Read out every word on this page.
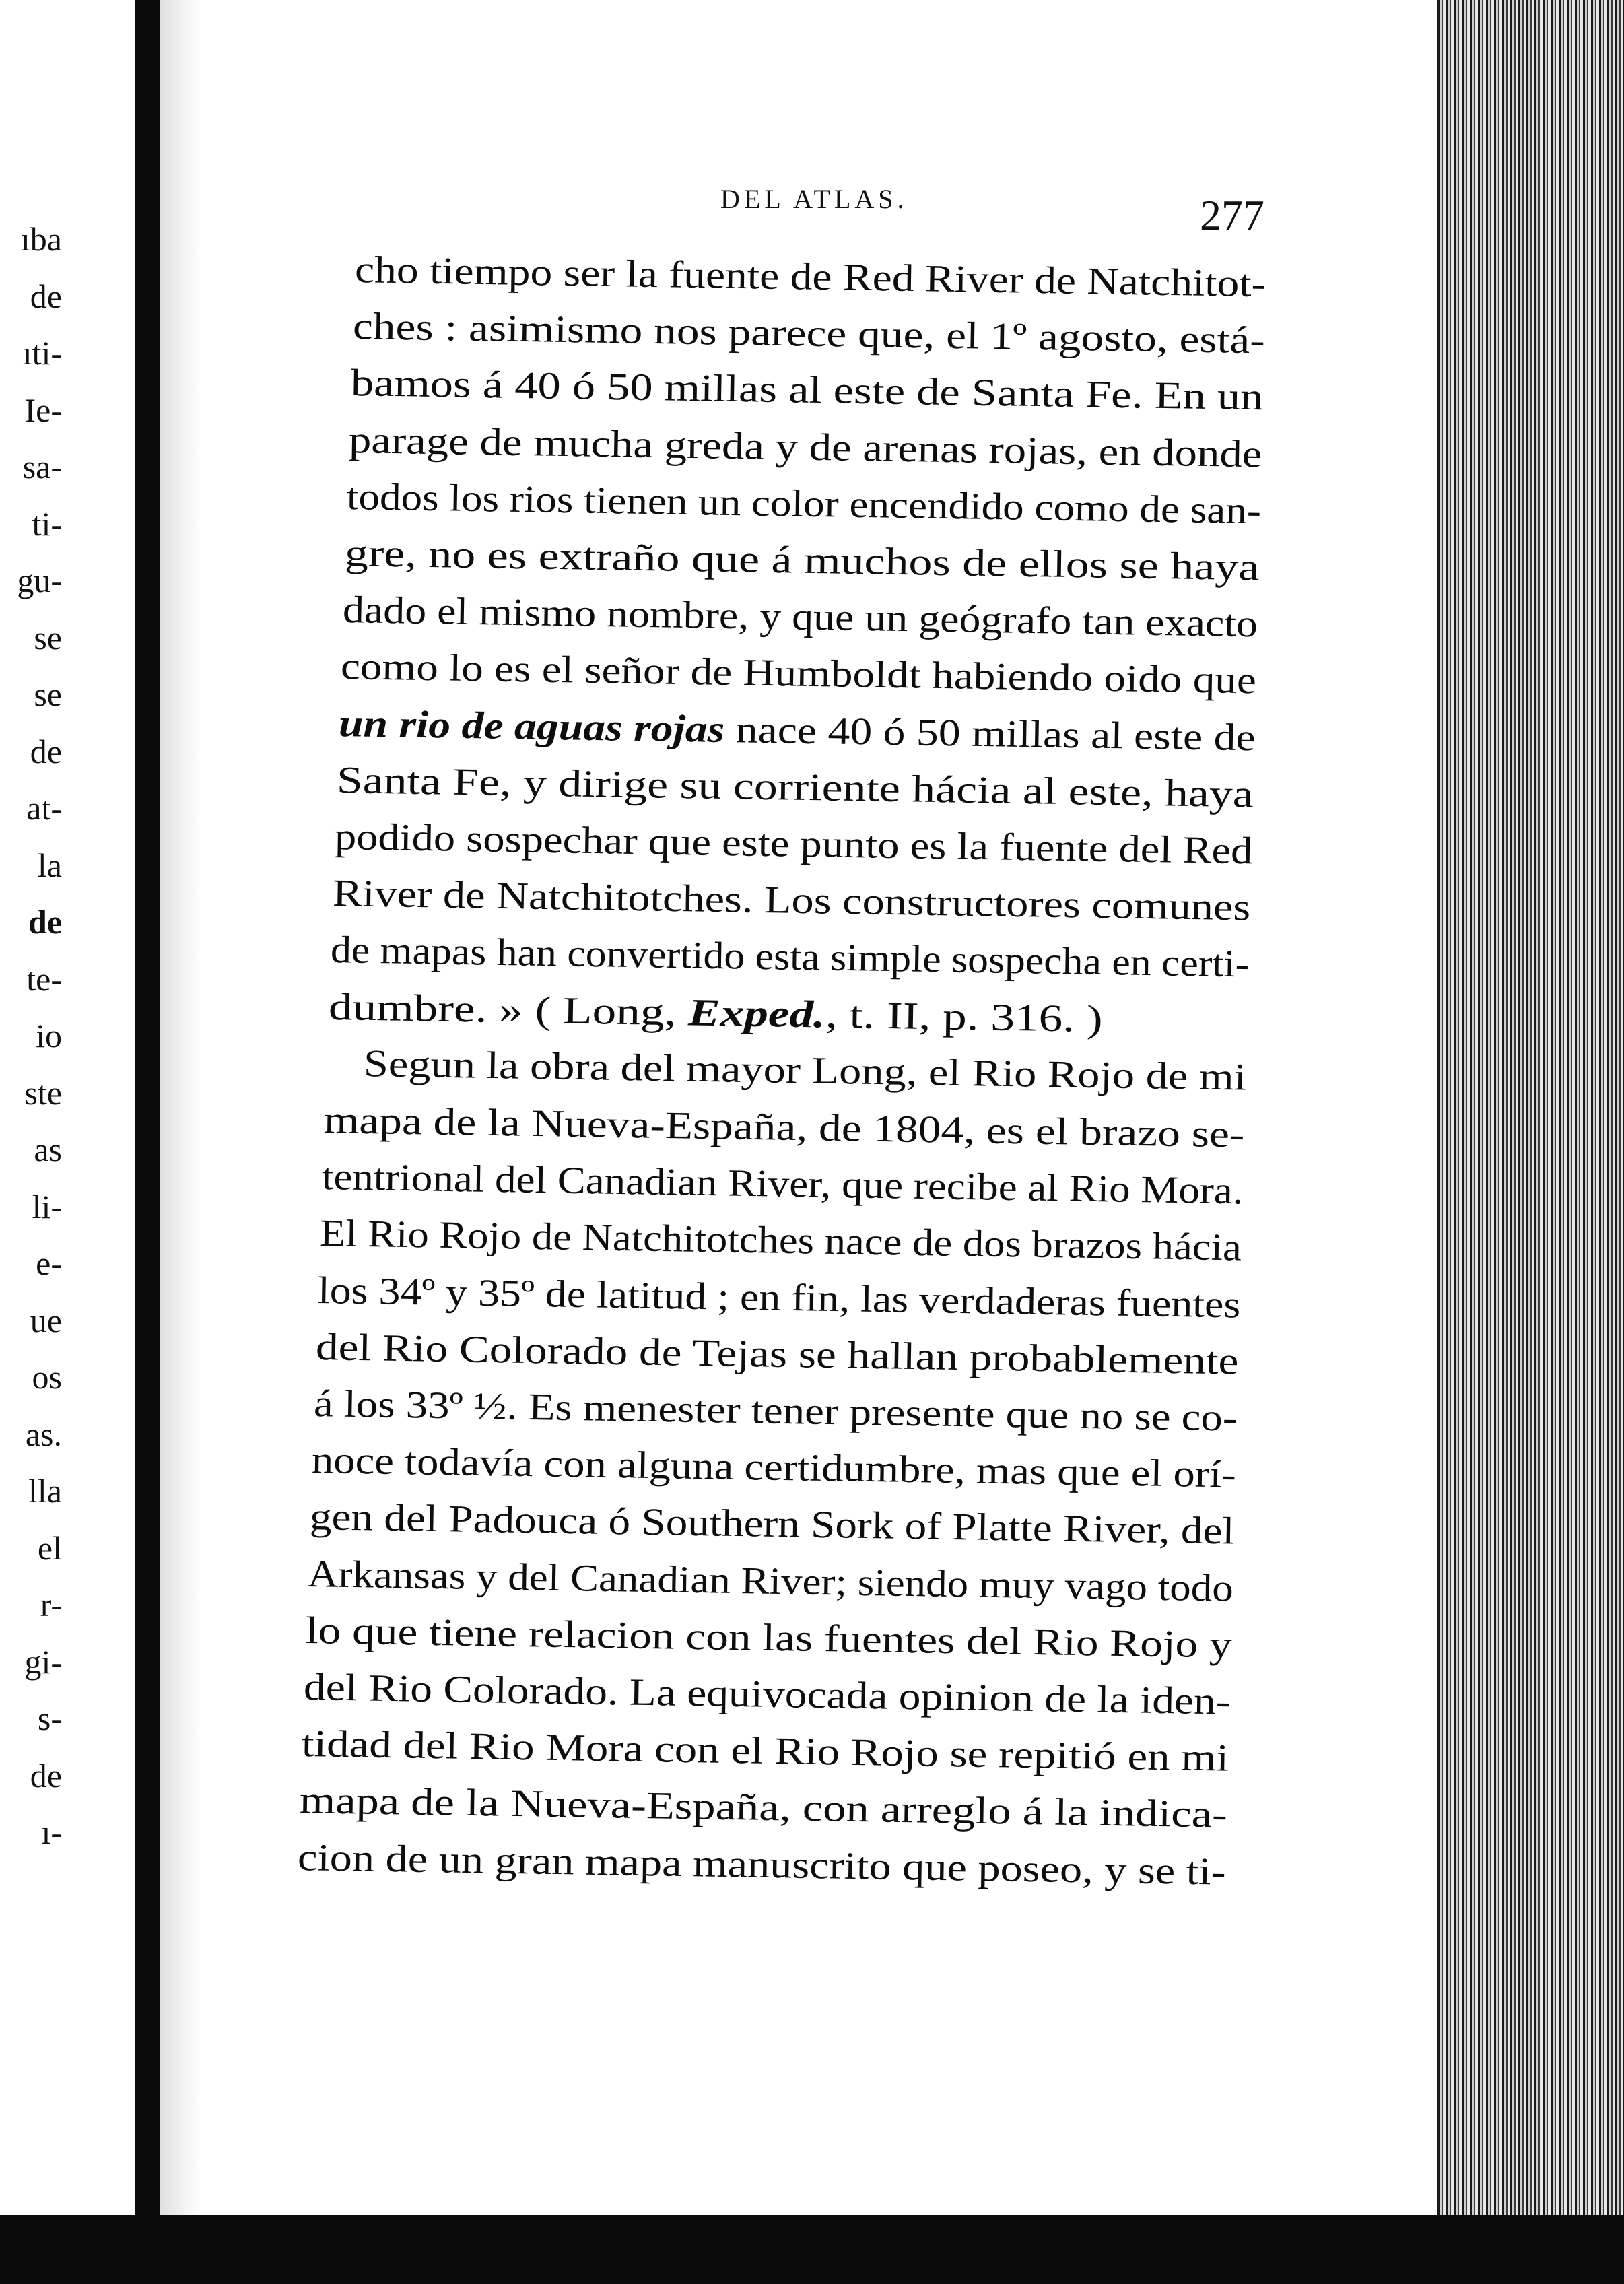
ıba
de
ıti-
Ie-
sa-
ti-
gu-
se
se
de
at-
la
de
te-
io
ste
as
li-
e-
ue
os
as.
lla
el
r-
gi-
s-
de
ı-
DEL ATLAS.	277
cho tiempo ser la fuente de Red River de Natchitot-
ches : asimismo nos parece que, el 1º agosto, está-
bamos á 40 ó 50 millas al este de Santa Fe. En un
parage de mucha greda y de arenas rojas, en donde
todos los rios tienen un color encendido como de san-
gre, no es extraño que á muchos de ellos se haya
dado el mismo nombre, y que un geógrafo tan exacto
como lo es el señor de Humboldt habiendo oido que
un rio de aguas rojas nace 40 ó 50 millas al este de
Santa Fe, y dirige su corriente hácia al este, haya
podido sospechar que este punto es la fuente del Red
River de Natchitotches. Los constructores comunes
de mapas han convertido esta simple sospecha en certi-
dumbre. » ( Long, Exped., t. II, p. 316. )
Segun la obra del mayor Long, el Rio Rojo de mi
mapa de la Nueva-España, de 1804, es el brazo se-
tentrional del Canadian River, que recibe al Rio Mora.
El Rio Rojo de Natchitotches nace de dos brazos hácia
los 34º y 35º de latitud ; en fin, las verdaderas fuentes
del Rio Colorado de Tejas se hallan probablemente
á los 33º ½. Es menester tener presente que no se co-
noce todavía con alguna certidumbre, mas que el orí-
gen del Padouca ó Southern Sork of Platte River, del
Arkansas y del Canadian River; siendo muy vago todo
lo que tiene relacion con las fuentes del Rio Rojo y
del Rio Colorado. La equivocada opinion de la iden-
tidad del Rio Mora con el Rio Rojo se repitió en mi
mapa de la Nueva-España, con arreglo á la indica-
cion de un gran mapa manuscrito que poseo, y se ti-
